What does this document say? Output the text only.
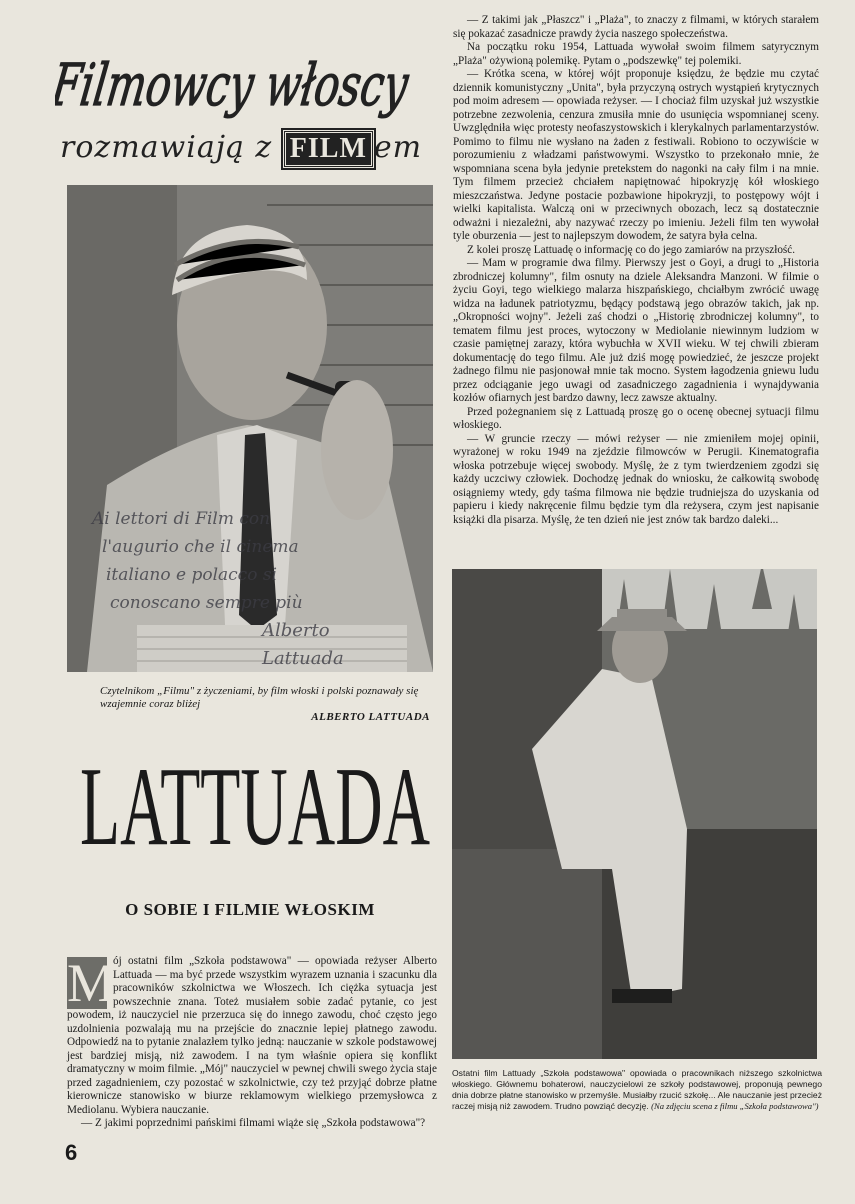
Filmowcy włoscy
rozmawiają z FILM em
Ai lettori di Film con
l'augurio che il cinema
italiano e polacco si
conoscano sempre più
Alberto Lattuada
Czytelnikom „Filmu" z życzeniami, by film włoski i polski poznawały się wzajemnie coraz bliżej
ALBERTO LATTUADA
LATTUADA
O SOBIE I FILMIE WŁOSKIM
M

ój ostatni film „Szkoła podstawowa" — opowiada reżyser Alberto Lattuada — ma być przede wszystkim wyrazem uznania i szacunku dla pracowników szkolnictwa we Włoszech. Ich ciężka sytuacja jest powszechnie znana. Toteż musiałem sobie zadać pytanie, co jest powodem, iż nauczyciel nie przerzuca się do innego zawodu, choć często jego uzdolnienia pozwalają mu na przejście do znacznie lepiej płatnego zawodu. Odpowiedź na to pytanie znalazłem tylko jedną: nauczanie w szkole podstawowej jest bardziej misją, niż zawodem. I na tym właśnie opiera się konflikt dramatyczny w moim filmie. „Mój" nauczyciel w pewnej chwili swego życia staje przed zagadnieniem, czy pozostać w szkolnictwie, czy też przyjąć dobrze płatne kierownicze stanowisko w biurze reklamowym wielkiego przemysłowca z Mediolanu. Wybiera nauczanie.

— Z jakimi poprzednimi pańskimi filmami wiąże się „Szkoła podstawowa"?

— Z takimi jak „Płaszcz" i „Plaża", to znaczy z filmami, w których starałem się pokazać zasadnicze prawdy życia naszego społeczeństwa.

Na początku roku 1954, Lattuada wywołał swoim filmem satyrycznym „Plaża" ożywioną polemikę. Pytam o „podszewkę" tej polemiki.

— Krótka scena, w której wójt proponuje księdzu, że będzie mu czytać dziennik komunistyczny „Unita", była przyczyną ostrych wystąpień krytycznych pod moim adresem — opowiada reżyser. — I chociaż film uzyskał już wszystkie potrzebne zezwolenia, cenzura zmusiła mnie do usunięcia wspomnianej sceny. Uwzględniła więc protesty neofaszystowskich i klerykalnych parlamentarzystów. Pomimo to filmu nie wysłano na żaden z festiwali. Robiono to oczywiście w porozumieniu z władzami państwowymi. Wszystko to przekonało mnie, że wspomniana scena była jedynie pretekstem do nagonki na cały film i na mnie. Tym filmem przecież chciałem napiętnować hipokryzję kół włoskiego mieszczaństwa. Jedyne postacie pozbawione hipokryzji, to postępowy wójt i wielki kapitalista. Walczą oni w przeciwnych obozach, lecz są dostatecznie odważni i niezależni, aby nazywać rzeczy po imieniu. Jeżeli film ten wywołał tyle oburzenia — jest to najlepszym dowodem, że satyra była celna.

Z kolei proszę Lattuadę o informację co do jego zamiarów na przyszłość.

— Mam w programie dwa filmy. Pierwszy jest o Goyi, a drugi to „Historia zbrodniczej kolumny", film osnuty na dziele Aleksandra Manzoni. W filmie o życiu Goyi, tego wielkiego malarza hiszpańskiego, chciałbym zwrócić uwagę widza na ładunek patriotyzmu, będący podstawą jego obrazów takich, jak np. „Okropności wojny". Jeżeli zaś chodzi o „Historię zbrodniczej kolumny", to tematem filmu jest proces, wytoczony w Mediolanie niewinnym ludziom w czasie pamiętnej zarazy, która wybuchła w XVII wieku. W tej chwili zbieram dokumentację do tego filmu. Ale już dziś mogę powiedzieć, że jeszcze projekt żadnego filmu nie pasjonował mnie tak mocno. System łagodzenia gniewu ludu przez odciąganie jego uwagi od zasadniczego zagadnienia i wynajdywania kozłów ofiarnych jest bardzo dawny, lecz zawsze aktualny.

Przed pożegnaniem się z Lattuadą proszę go o ocenę obecnej sytuacji filmu włoskiego.

— W gruncie rzeczy — mówi reżyser — nie zmieniłem mojej opinii, wyrażonej w roku 1949 na zjeździe filmowców w Perugii. Kinematografia włoska potrzebuje więcej swobody. Myślę, że z tym twierdzeniem zgodzi się każdy uczciwy człowiek. Dochodzę jednak do wniosku, że całkowitą swobodę osiągniemy wtedy, gdy taśma filmowa nie będzie trudniejsza do uzyskania od papieru i kiedy nakręcenie filmu będzie tym dla reżysera, czym jest napisanie książki dla pisarza. Myślę, że ten dzień nie jest znów tak bardzo daleki...

Ostatni film Lattuady „Szkoła podstawowa" opowiada o pracownikach niższego szkolnictwa włoskiego. Głównemu bohaterowi, nauczycielowi ze szkoły podstawowej, proponują pewnego dnia dobrze płatne stanowisko w przemyśle. Musiałby rzucić szkołę... Ale nauczanie jest przecież raczej misją niż zawodem. Trudno powziąć decyzję. (Na zdjęciu scena z filmu „Szkoła podstawowa")
6
